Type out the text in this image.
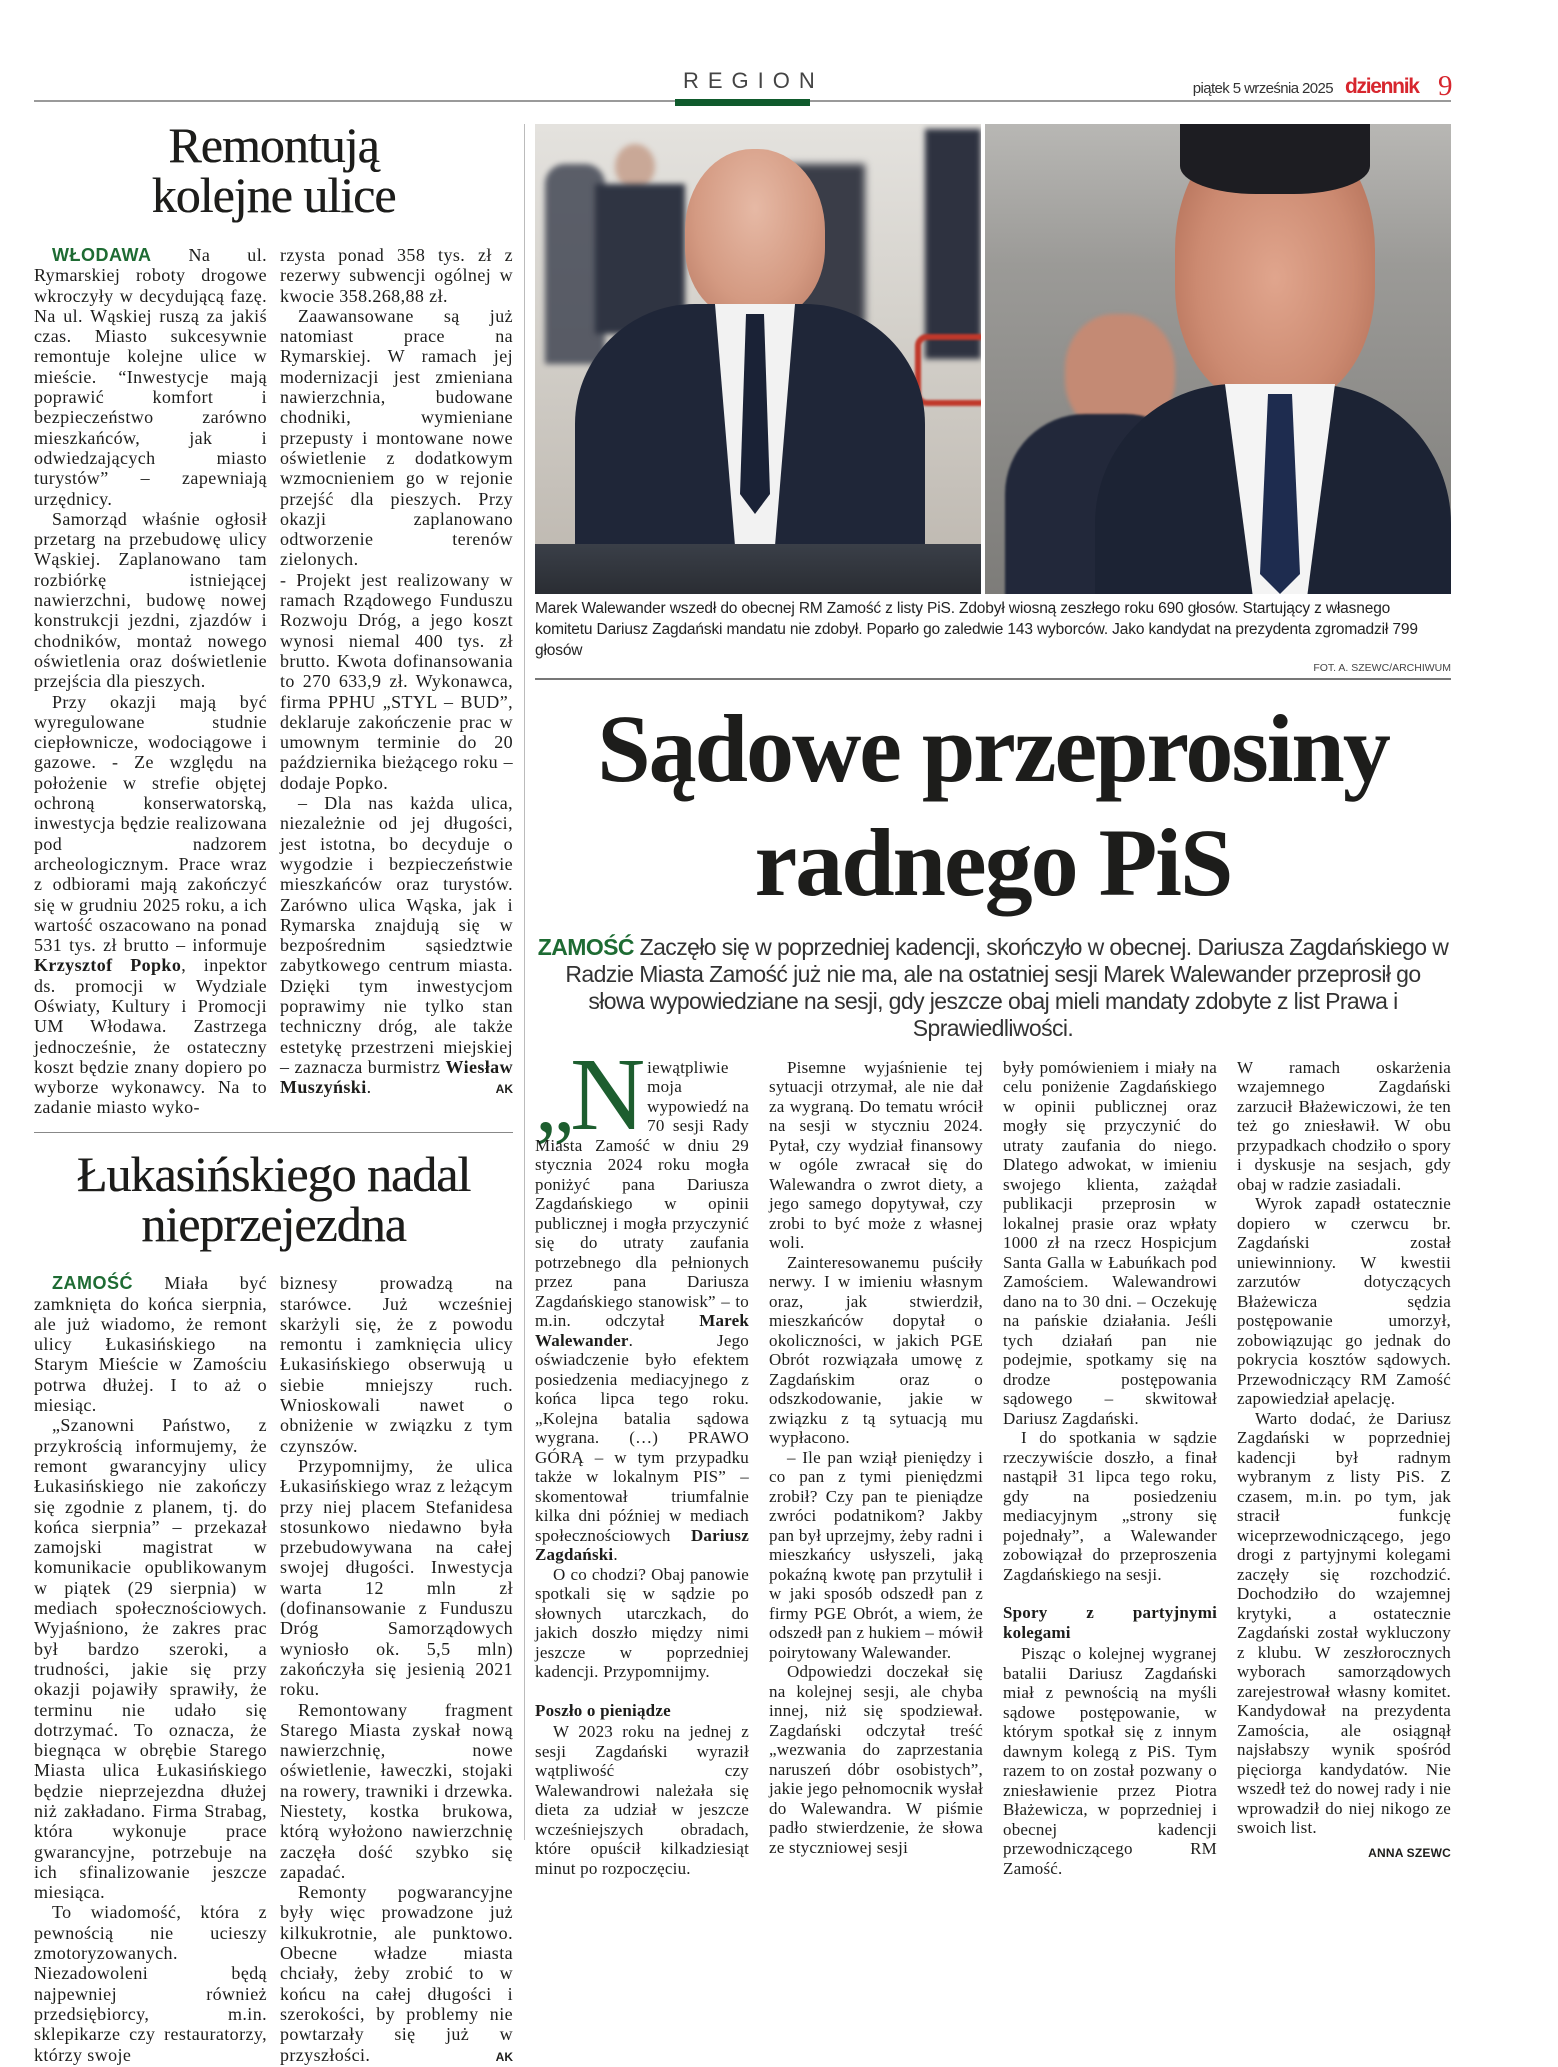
REGION	piątek 5 września 2025 dziennik 9
Remontują
kolejne ulice

WŁODAWA Na ul. Rymarskiej roboty drogowe wkroczyły w decydującą fazę. Na ul. Wąskiej ruszą za jakiś czas. Miasto sukcesywnie remontuje kolejne ulice w mieście. “Inwestycje mają poprawić komfort i bezpieczeństwo zarówno mieszkańców, jak i odwiedzających miasto turystów” – zapewniają urzędnicy.

Samorząd właśnie ogłosił przetarg na przebudowę ulicy Wąskiej. Zaplanowano tam rozbiórkę istniejącej nawierzchni, budowę nowej konstrukcji jezdni, zjazdów i chodników, montaż nowego oświetlenia oraz doświetlenie przejścia dla pieszych.

Przy okazji mają być wyregulowane studnie ciepłownicze, wodociągowe i gazowe. - Ze względu na położenie w strefie objętej ochroną konserwatorską, inwestycja będzie realizowana pod nadzorem archeologicznym. Prace wraz z odbiorami mają zakończyć się w grudniu 2025 roku, a ich wartość oszacowano na ponad 531 tys. zł brutto – informuje Krzysztof Popko, inpektor ds. promocji w Wydziale Oświaty, Kultury i Promocji UM Włodawa. Zastrzega jednocześnie, że ostateczny koszt będzie znany dopiero po wyborze wykonawcy. Na to zadanie miasto wyko-

rzysta ponad 358 tys. zł z rezerwy subwencji ogólnej w kwocie 358.268,88 zł.

Zaawansowane są już natomiast prace na Rymarskiej. W ramach jej modernizacji jest zmieniana nawierzchnia, budowane chodniki, wymieniane przepusty i montowane nowe oświetlenie z dodatkowym wzmocnieniem go w rejonie przejść dla pieszych. Przy okazji zaplanowano odtworzenie terenów zielonych.

- Projekt jest realizowany w ramach Rządowego Funduszu Rozwoju Dróg, a jego koszt wynosi niemal 400 tys. zł brutto. Kwota dofinansowania to 270 633,9 zł. Wykonawca, firma PPHU „STYL – BUD”, deklaruje zakończenie prac w umownym terminie do 20 października bieżącego roku – dodaje Popko.

– Dla nas każda ulica, niezależnie od jej długości, jest istotna, bo decyduje o wygodzie i bezpieczeństwie mieszkańców oraz turystów. Zarówno ulica Wąska, jak i Rymarska znajdują się w bezpośrednim sąsiedztwie zabytkowego centrum miasta. Dzięki tym inwestycjom poprawimy nie tylko stan techniczny dróg, ale także estetykę przestrzeni miejskiej – zaznacza burmistrz Wiesław Muszyński.	AK

Łukasińskiego nadal
nieprzejezdna

ZAMOŚĆ Miała być zamknięta do końca sierpnia, ale już wiadomo, że remont ulicy Łukasińskiego na Starym Mieście w Zamościu potrwa dłużej. I to aż o miesiąc.

„Szanowni Państwo, z przykrością informujemy, że remont gwarancyjny ulicy Łukasińskiego nie zakończy się zgodnie z planem, tj. do końca sierpnia” – przekazał zamojski magistrat w komunikacie opublikowanym w piątek (29 sierpnia) w mediach społecznościowych. Wyjaśniono, że zakres prac był bardzo szeroki, a trudności, jakie się przy okazji pojawiły sprawiły, że terminu nie udało się dotrzymać. To oznacza, że biegnąca w obrębie Starego Miasta ulica Łukasińskiego będzie nieprzejezdna dłużej niż zakładano. Firma Strabag, która wykonuje prace gwarancyjne, potrzebuje na ich sfinalizowanie jeszcze miesiąca.

To wiadomość, która z pewnością nie ucieszy zmotoryzowanych. Niezadowoleni będą najpewniej również przedsiębiorcy, m.in. sklepikarze czy restauratorzy, którzy swoje

biznesy prowadzą na starówce. Już wcześniej skarżyli się, że z powodu remontu i zamknięcia ulicy Łukasińskiego obserwują u siebie mniejszy ruch. Wnioskowali nawet o obniżenie w związku z tym czynszów.

Przypomnijmy, że ulica Łukasińskiego wraz z leżącym przy niej placem Stefanidesa stosunkowo niedawno była przebudowywana na całej swojej długości. Inwestycja warta 12 mln zł (dofinansowanie z Funduszu Dróg Samorządowych wyniosło ok. 5,5 mln) zakończyła się jesienią 2021 roku.

Remontowany fragment Starego Miasta zyskał nową nawierzchnię, nowe oświetlenie, ławeczki, stojaki na rowery, trawniki i drzewka. Niestety, kostka brukowa, którą wyłożono nawierzchnię zaczęła dość szybko się zapadać.

Remonty pogwarancyjne były więc prowadzone już kilkukrotnie, ale punktowo. Obecne władze miasta chciały, żeby zrobić to w końcu na całej długości i szerokości, by problemy nie powtarzały się już w przyszłości.	AK

Marek Walewander wszedł do obecnej RM Zamość z listy PiS. Zdobył wiosną zeszłego roku 690 głosów. Startujący z własnego komitetu Dariusz Zagdański mandatu nie zdobył. Poparło go zaledwie 143 wyborców. Jako kandydat na prezydenta zgromadził 799 głosów
FOT. A. SZEWC/ARCHIWUM
Sądowe przeprosiny
radnego PiS
ZAMOŚĆ Zaczęło się w poprzedniej kadencji, skończyło w obecnej. Dariusza Zagdańskiego w Radzie Miasta Zamość już nie ma, ale na ostatniej sesji Marek Walewander przeprosił go słowa wypowiedziane na sesji, gdy jeszcze obaj mieli mandaty zdobyte z list Prawa i Sprawiedliwości.

„N iewątpliwie moja wypowiedź na 70 sesji Rady Miasta Zamość w dniu 29 stycznia 2024 roku mogła poniżyć pana Dariusza Zagdańskiego w opinii publicznej i mogła przyczynić się do utraty zaufania potrzebnego dla pełnionych przez pana Dariusza Zagdańskiego stanowisk” – to m.in. odczytał Marek Walewander. Jego oświadczenie było efektem posiedzenia mediacyjnego z końca lipca tego roku. „Kolejna batalia sądowa wygrana. (…) PRAWO GÓRĄ – w tym przypadku także w lokalnym PIS” – skomentował triumfalnie kilka dni później w mediach społecznościowych Dariusz Zagdański.

O co chodzi? Obaj panowie spotkali się w sądzie po słownych utarczkach, do jakich doszło między nimi jeszcze w poprzedniej kadencji. Przypomnijmy.

Poszło o pieniądze

W 2023 roku na jednej z sesji Zagdański wyraził wątpliwość czy Walewandrowi należała się dieta za udział w jeszcze wcześniejszych obradach, które opuścił kilkadziesiąt minut po rozpoczęciu.

Pisemne wyjaśnienie tej sytuacji otrzymał, ale nie dał za wygraną. Do tematu wrócił na sesji w styczniu 2024. Pytał, czy wydział finansowy w ogóle zwracał się do Walewandra o zwrot diety, a jego samego dopytywał, czy zrobi to być może z własnej woli.

Zainteresowanemu puściły nerwy. I w imieniu własnym oraz, jak stwierdził, mieszkańców dopytał o okoliczności, w jakich PGE Obrót rozwiązała umowę z Zagdańskim oraz o odszkodowanie, jakie w związku z tą sytuacją mu wypłacono.

– Ile pan wziął pieniędzy i co pan z tymi pieniędzmi zrobił? Czy pan te pieniądze zwróci podatnikom? Jakby pan był uprzejmy, żeby radni i mieszkańcy usłyszeli, jaką pokaźną kwotę pan przytulił i w jaki sposób odszedł pan z firmy PGE Obrót, a wiem, że odszedł pan z hukiem – mówił poirytowany Walewander.

Odpowiedzi doczekał się na kolejnej sesji, ale chyba innej, niż się spodziewał. Zagdański odczytał treść „wezwania do zaprzestania naruszeń dóbr osobistych”, jakie jego pełnomocnik wysłał do Walewandra. W piśmie padło stwierdzenie, że słowa ze styczniowej sesji

były pomówieniem i miały na celu poniżenie Zagdańskiego w opinii publicznej oraz mogły się przyczynić do utraty zaufania do niego. Dlatego adwokat, w imieniu swojego klienta, zażądał publikacji przeprosin w lokalnej prasie oraz wpłaty 1000 zł na rzecz Hospicjum Santa Galla w Łabuńkach pod Zamościem. Walewandrowi dano na to 30 dni. – Oczekuję na pańskie działania. Jeśli tych działań pan nie podejmie, spotkamy się na drodze postępowania sądowego – skwitował Dariusz Zagdański.

I do spotkania w sądzie rzeczywiście doszło, a finał nastąpił 31 lipca tego roku, gdy na posiedzeniu mediacyjnym „strony się pojednały”, a Walewander zobowiązał do przeproszenia Zagdańskiego na sesji.

Spory z partyjnymi kolegami

Pisząc o kolejnej wygranej batalii Dariusz Zagdański miał z pewnością na myśli sądowe postępowanie, w którym spotkał się z innym dawnym kolegą z PiS. Tym razem to on został pozwany o zniesławienie przez Piotra Błażewicza, w poprzedniej i obecnej kadencji przewodniczącego RM Zamość.

W ramach oskarżenia wzajemnego Zagdański zarzucił Błażewiczowi, że ten też go zniesławił. W obu przypadkach chodziło o spory i dyskusje na sesjach, gdy obaj w radzie zasiadali.

Wyrok zapadł ostatecznie dopiero w czerwcu br. Zagdański został uniewinniony. W kwestii zarzutów dotyczących Błażewicza sędzia postępowanie umorzył, zobowiązując go jednak do pokrycia kosztów sądowych. Przewodniczący RM Zamość zapowiedział apelację.

Warto dodać, że Dariusz Zagdański w poprzedniej kadencji był radnym wybranym z listy PiS. Z czasem, m.in. po tym, jak stracił funkcję wiceprzewodniczącego, jego drogi z partyjnymi kolegami zaczęły się rozchodzić. Dochodziło do wzajemnej krytyki, a ostatecznie Zagdański został wykluczony z klubu. W zeszłorocznych wyborach samorządowych zarejestrował własny komitet. Kandydował na prezydenta Zamościa, ale osiągnął najsłabszy wynik spośród pięciorga kandydatów. Nie wszedł też do nowej rady i nie wprowadził do niej nikogo ze swoich list.

ANNA SZEWC
